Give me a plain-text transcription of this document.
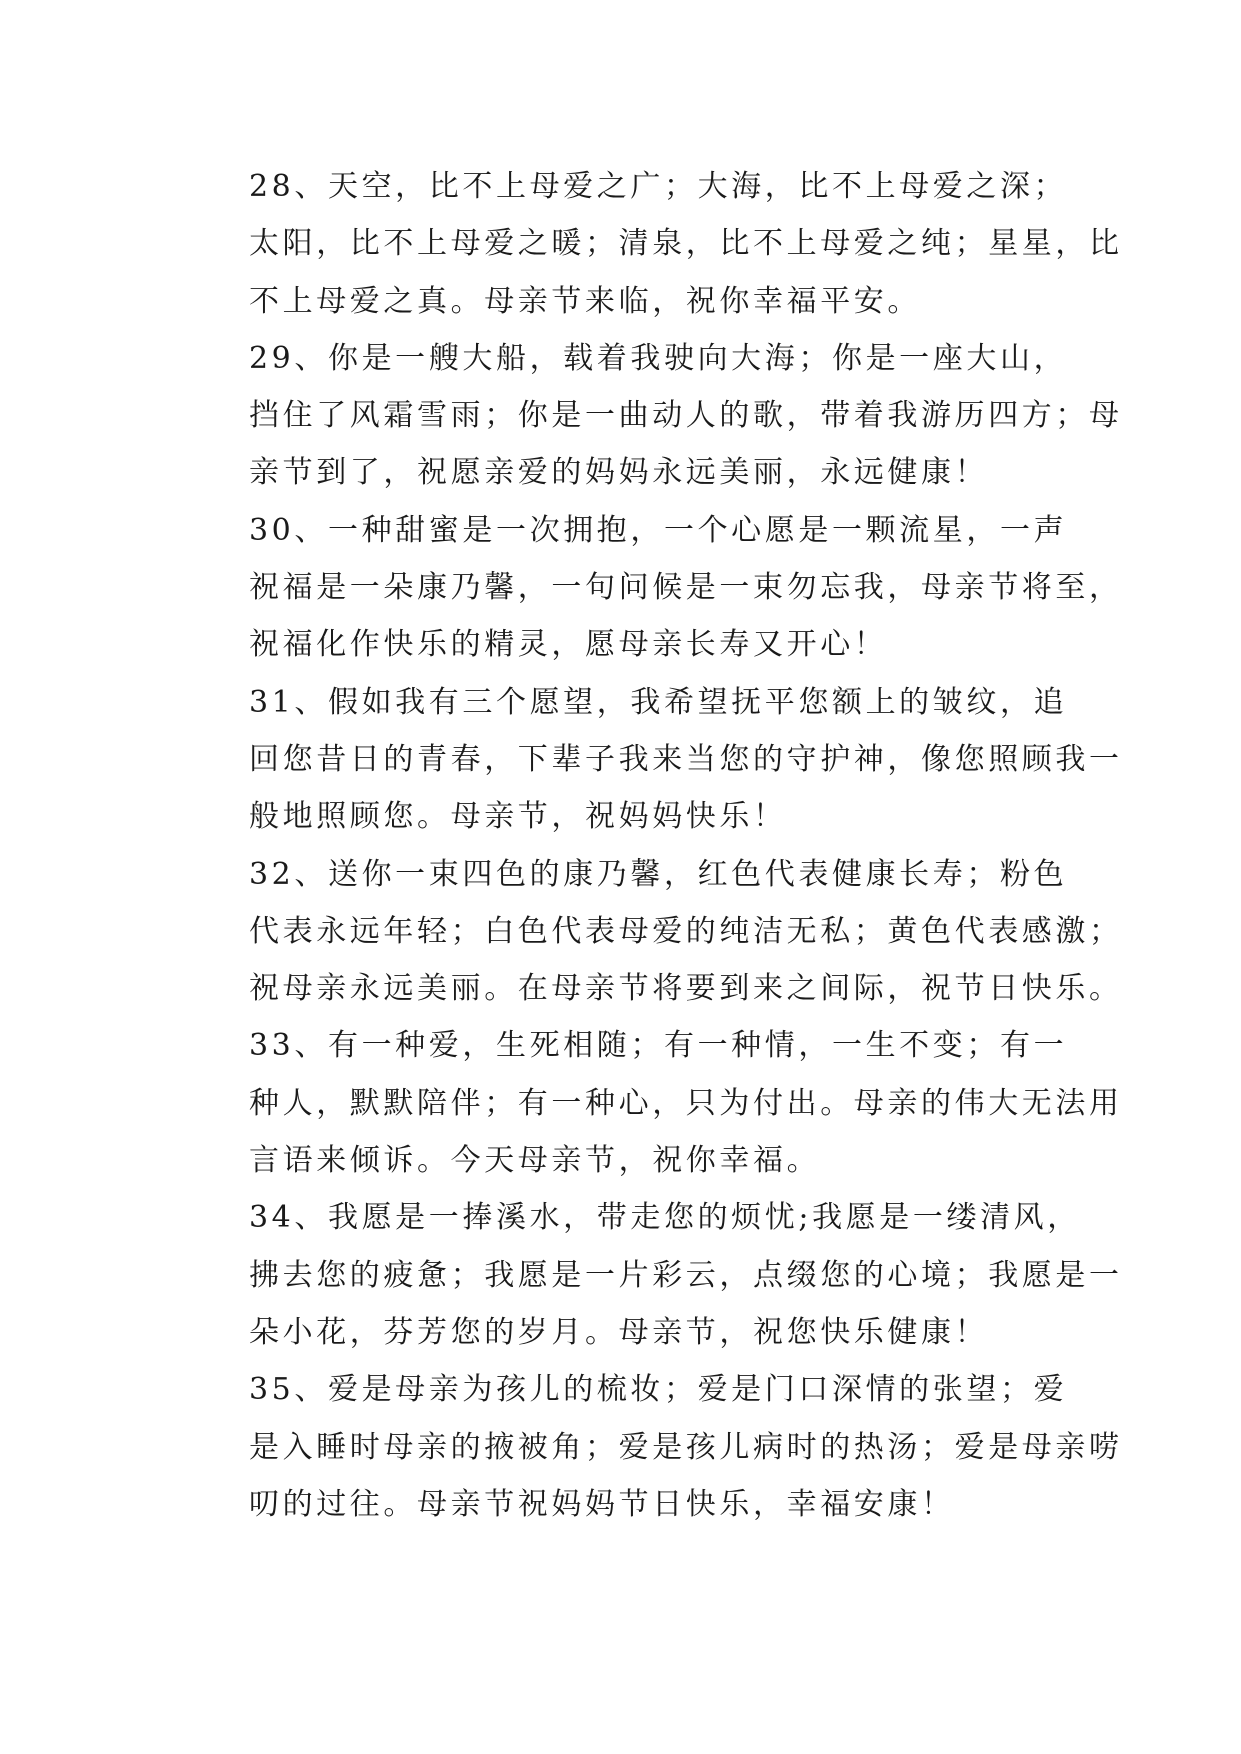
28、天空，比不上母爱之广；大海，比不上母爱之深；
太阳，比不上母爱之暖；清泉，比不上母爱之纯；星星，比
不上母爱之真。母亲节来临，祝你幸福平安。

29、你是一艘大船，载着我驶向大海；你是一座大山，
挡住了风霜雪雨；你是一曲动人的歌，带着我游历四方；母
亲节到了，祝愿亲爱的妈妈永远美丽，永远健康！

30、一种甜蜜是一次拥抱，一个心愿是一颗流星，一声
祝福是一朵康乃馨，一句问候是一束勿忘我，母亲节将至，
祝福化作快乐的精灵，愿母亲长寿又开心！

31、假如我有三个愿望，我希望抚平您额上的皱纹，追
回您昔日的青春，下辈子我来当您的守护神，像您照顾我一
般地照顾您。母亲节，祝妈妈快乐！

32、送你一束四色的康乃馨，红色代表健康长寿；粉色
代表永远年轻；白色代表母爱的纯洁无私；黄色代表感激；
祝母亲永远美丽。在母亲节将要到来之间际，祝节日快乐。

33、有一种爱，生死相随；有一种情，一生不变；有一
种人，默默陪伴；有一种心，只为付出。母亲的伟大无法用
言语来倾诉。今天母亲节，祝你幸福。

34、我愿是一捧溪水，带走您的烦忧;我愿是一缕清风，
拂去您的疲惫；我愿是一片彩云，点缀您的心境；我愿是一
朵小花，芬芳您的岁月。母亲节，祝您快乐健康！

35、爱是母亲为孩儿的梳妆；爱是门口深情的张望；爱
是入睡时母亲的掖被角；爱是孩儿病时的热汤；爱是母亲唠
叨的过往。母亲节祝妈妈节日快乐，幸福安康！
